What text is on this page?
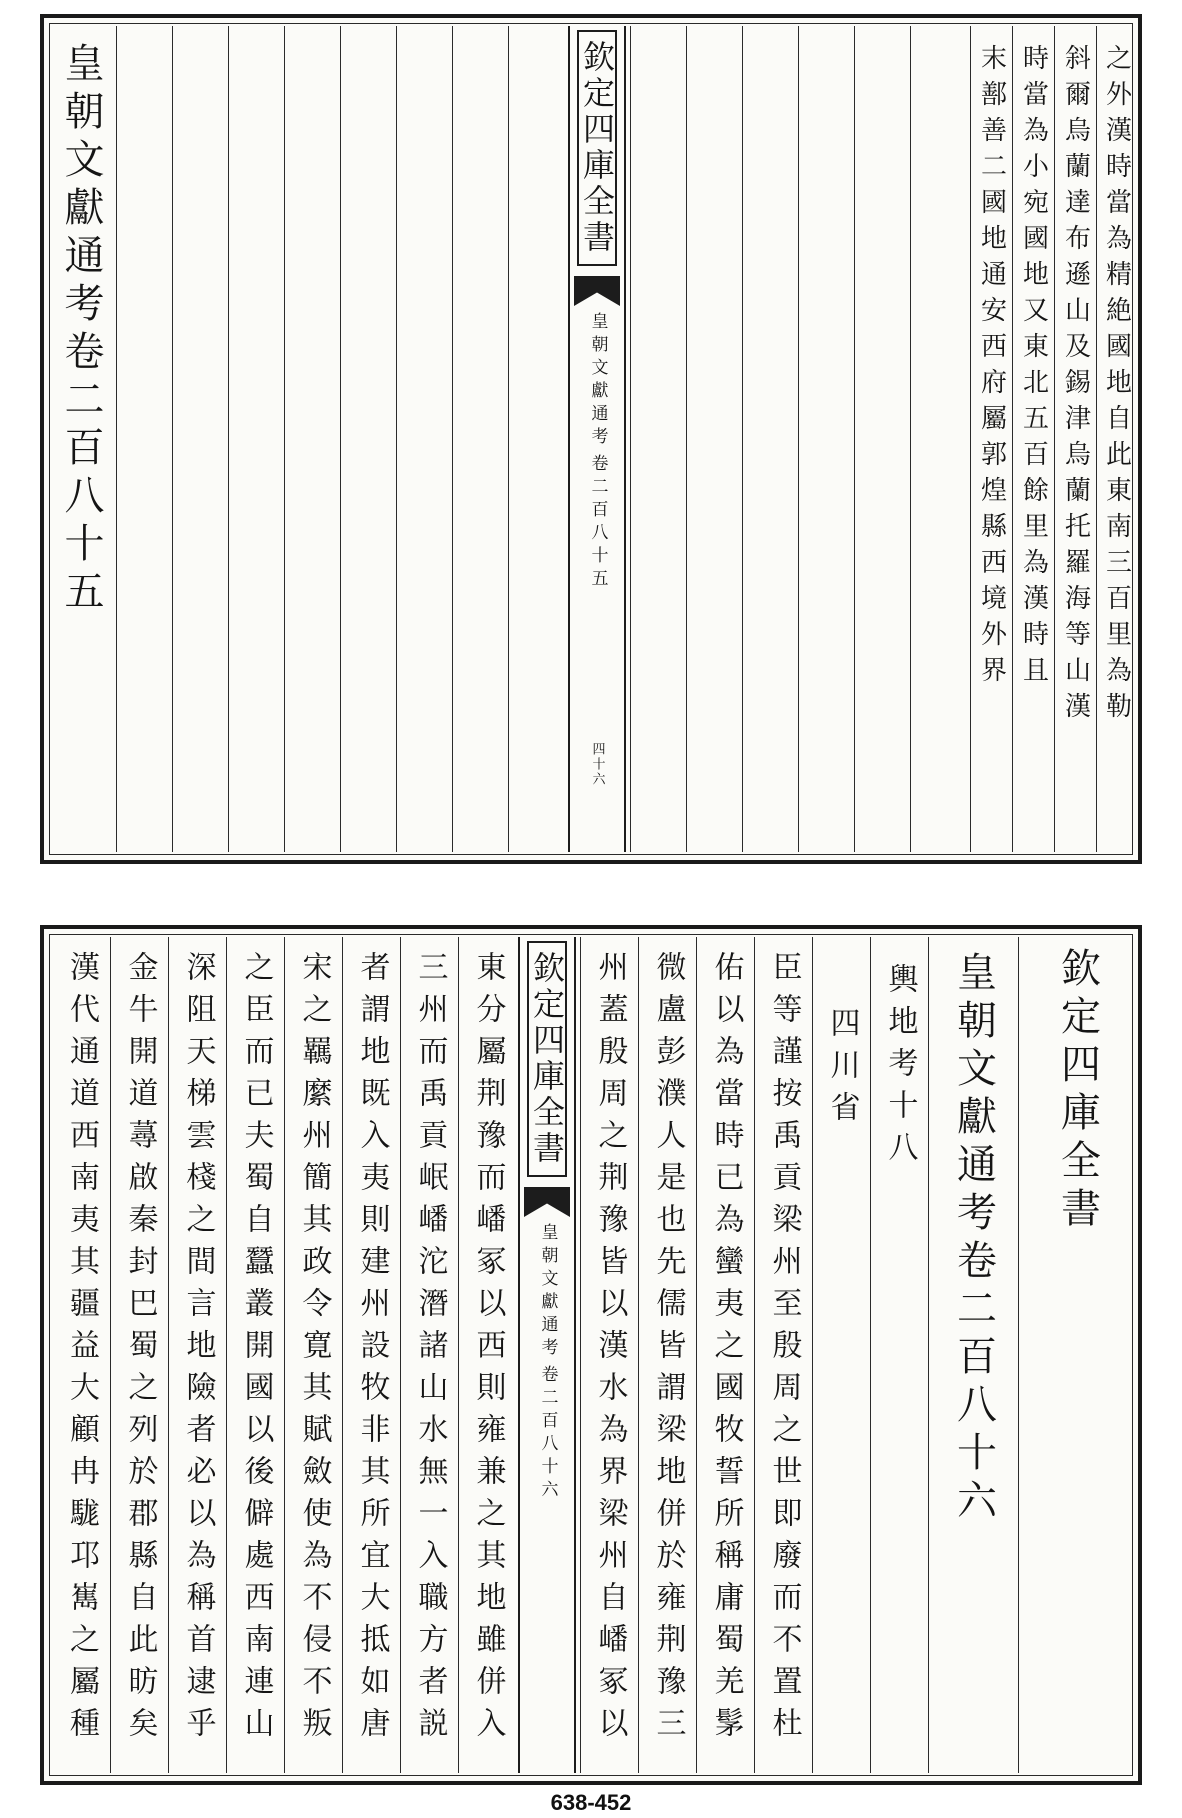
皇朝文獻通考卷二百八十五	欽定四庫全書
皇朝文獻通考
卷二百八十五
四十六
末鄯善二國地通安西府屬郭煌縣西境外界 時當為小宛國地又東北五百餘里為漢時且 斜爾烏蘭達布遜山及錫津烏蘭托羅海等山漢 之外漢時當為精絶國地自此東南三百里為勒
漢代通道西南夷其疆益大顧冉駹邛嶲之屬種 金牛開道蕁啟秦封巴蜀之列於郡縣自此昉矣 深阻天梯雲棧之間言地險者必以為稱首逮乎 之臣而已夫蜀自蠶叢開國以後僻處西南連山 宋之羈縻州簡其政令寛其賦斂使為不侵不叛 者謂地既入夷則建州設牧非其所宜大抵如唐 三州而禹貢岷嶓沱潛諸山水無一入職方者説 東分屬荆豫而嶓冢以西則雍兼之其地雖併入 欽定四庫全書
皇朝文獻通考
卷二百八十六 州蓋殷周之荆豫皆以漢水為界梁州自嶓冢以 微盧彭濮人是也先儒皆謂梁地併於雍荆豫三 佑以為當時已為蠻夷之國牧誓所稱庸蜀羌髳 臣等謹按禹貢梁州至殷周之世即廢而不置杜 四川省 輿地考十八 皇朝文獻通考卷二百八十六 欽定四庫全書
638-452
